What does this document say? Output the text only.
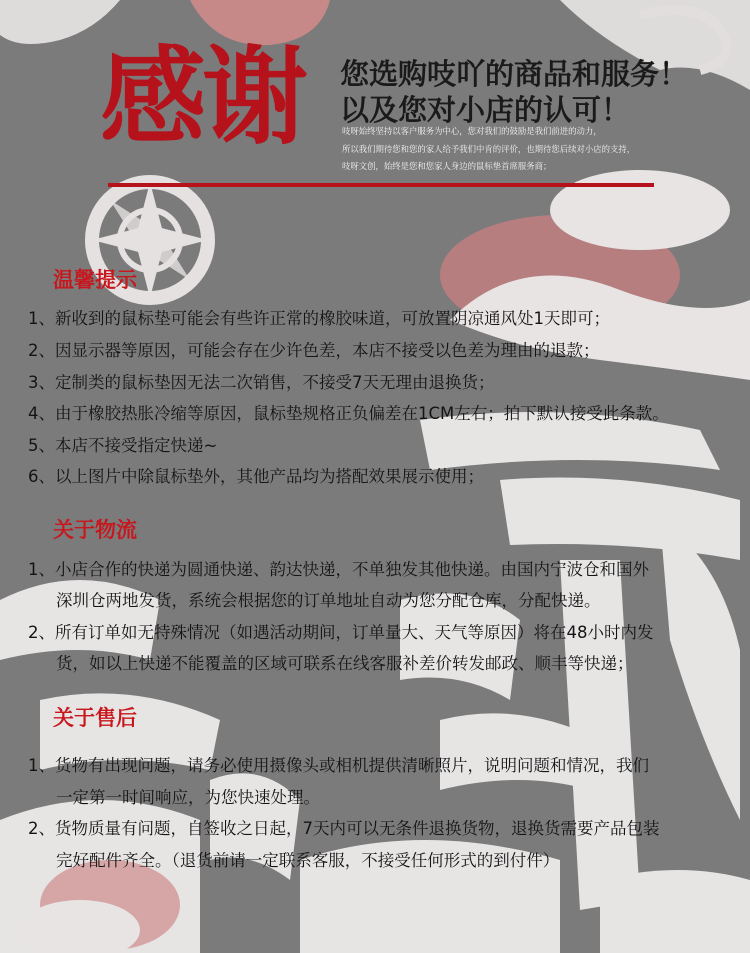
感谢 您选购吱吖的商品和服务！
以及您对小店的认可！
吱呀始终坚持以客户服务为中心，您对我们的鼓励是我们前进的动力，
所以我们期待您和您的家人给予我们中肯的评价，也期待您后续对小店的支持，
吱呀文创，始终是您和您家人身边的鼠标垫首席服务商；
温馨提示
1、新收到的鼠标垫可能会有些许正常的橡胶味道，可放置阴凉通风处1天即可；
2、因显示器等原因，可能会存在少许色差，本店不接受以色差为理由的退款；
3、定制类的鼠标垫因无法二次销售，不接受7天无理由退换货；
4、由于橡胶热胀冷缩等原因，鼠标垫规格正负偏差在1CM左右；拍下默认接受此条款。
5、本店不接受指定快递~
6、以上图片中除鼠标垫外，其他产品均为搭配效果展示使用；
关于物流
1、小店合作的快递为圆通快递、韵达快递，不单独发其他快递。由国内宁波仓和国外
深圳仓两地发货，系统会根据您的订单地址自动为您分配仓库，分配快递。
2、所有订单如无特殊情况（如遇活动期间，订单量大、天气等原因）将在48小时内发
货，如以上快递不能覆盖的区域可联系在线客服补差价转发邮政、顺丰等快递；
关于售后
1、货物有出现问题，请务必使用摄像头或相机提供清晰照片，说明问题和情况，我们
一定第一时间响应，为您快速处理。
2、货物质量有问题，自签收之日起，7天内可以无条件退换货物，退换货需要产品包装
完好配件齐全。（退货前请一定联系客服，不接受任何形式的到付件）
